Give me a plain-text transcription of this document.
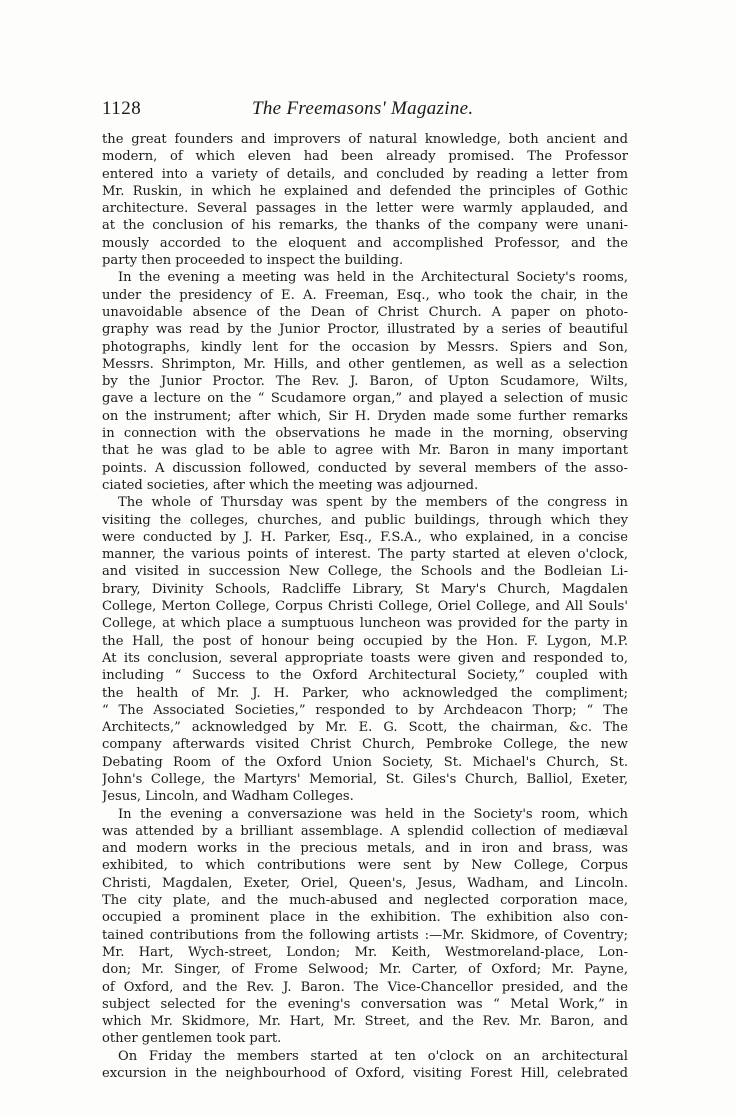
1128	The Freemasons' Magazine.
the great founders and improvers of natural knowledge, both ancient and
modern, of which eleven had been already promised. The Professor
entered into a variety of details, and concluded by reading a letter from
Mr. Ruskin, in which he explained and defended the principles of Gothic
architecture. Several passages in the letter were warmly applauded, and
at the conclusion of his remarks, the thanks of the company were unani-
mously accorded to the eloquent and accomplished Professor, and the
party then proceeded to inspect the building.
In the evening a meeting was held in the Architectural Society's rooms,
under the presidency of E. A. Freeman, Esq., who took the chair, in the
unavoidable absence of the Dean of Christ Church. A paper on photo-
graphy was read by the Junior Proctor, illustrated by a series of beautiful
photographs, kindly lent for the occasion by Messrs. Spiers and Son,
Messrs. Shrimpton, Mr. Hills, and other gentlemen, as well as a selection
by the Junior Proctor. The Rev. J. Baron, of Upton Scudamore, Wilts,
gave a lecture on the “ Scudamore organ,” and played a selection of music
on the instrument; after which, Sir H. Dryden made some further remarks
in connection with the observations he made in the morning, observing
that he was glad to be able to agree with Mr. Baron in many important
points. A discussion followed, conducted by several members of the asso-
ciated societies, after which the meeting was adjourned.
The whole of Thursday was spent by the members of the congress in
visiting the colleges, churches, and public buildings, through which they
were conducted by J. H. Parker, Esq., F.S.A., who explained, in a concise
manner, the various points of interest. The party started at eleven o'clock,
and visited in succession New College, the Schools and the Bodleian Li-
brary, Divinity Schools, Radcliffe Library, St Mary's Church, Magdalen
College, Merton College, Corpus Christi College, Oriel College, and All Souls'
College, at which place a sumptuous luncheon was provided for the party in
the Hall, the post of honour being occupied by the Hon. F. Lygon, M.P.
At its conclusion, several appropriate toasts were given and responded to,
including “ Success to the Oxford Architectural Society,” coupled with
the health of Mr. J. H. Parker, who acknowledged the compliment;
“ The Associated Societies,” responded to by Archdeacon Thorp; “ The
Architects,” acknowledged by Mr. E. G. Scott, the chairman, &c. The
company afterwards visited Christ Church, Pembroke College, the new
Debating Room of the Oxford Union Society, St. Michael's Church, St.
John's College, the Martyrs' Memorial, St. Giles's Church, Balliol, Exeter,
Jesus, Lincoln, and Wadham Colleges.
In the evening a conversazione was held in the Society's room, which
was attended by a brilliant assemblage. A splendid collection of mediæval
and modern works in the precious metals, and in iron and brass, was
exhibited, to which contributions were sent by New College, Corpus
Christi, Magdalen, Exeter, Oriel, Queen's, Jesus, Wadham, and Lincoln.
The city plate, and the much-abused and neglected corporation mace,
occupied a prominent place in the exhibition. The exhibition also con-
tained contributions from the following artists :—Mr. Skidmore, of Coventry;
Mr. Hart, Wych-street, London; Mr. Keith, Westmoreland-place, Lon-
don; Mr. Singer, of Frome Selwood; Mr. Carter, of Oxford; Mr. Payne,
of Oxford, and the Rev. J. Baron. The Vice-Chancellor presided, and the
subject selected for the evening's conversation was “ Metal Work,” in
which Mr. Skidmore, Mr. Hart, Mr. Street, and the Rev. Mr. Baron, and
other gentlemen took part.
On Friday the members started at ten o'clock on an architectural
excursion in the neighbourhood of Oxford, visiting Forest Hill, celebrated
